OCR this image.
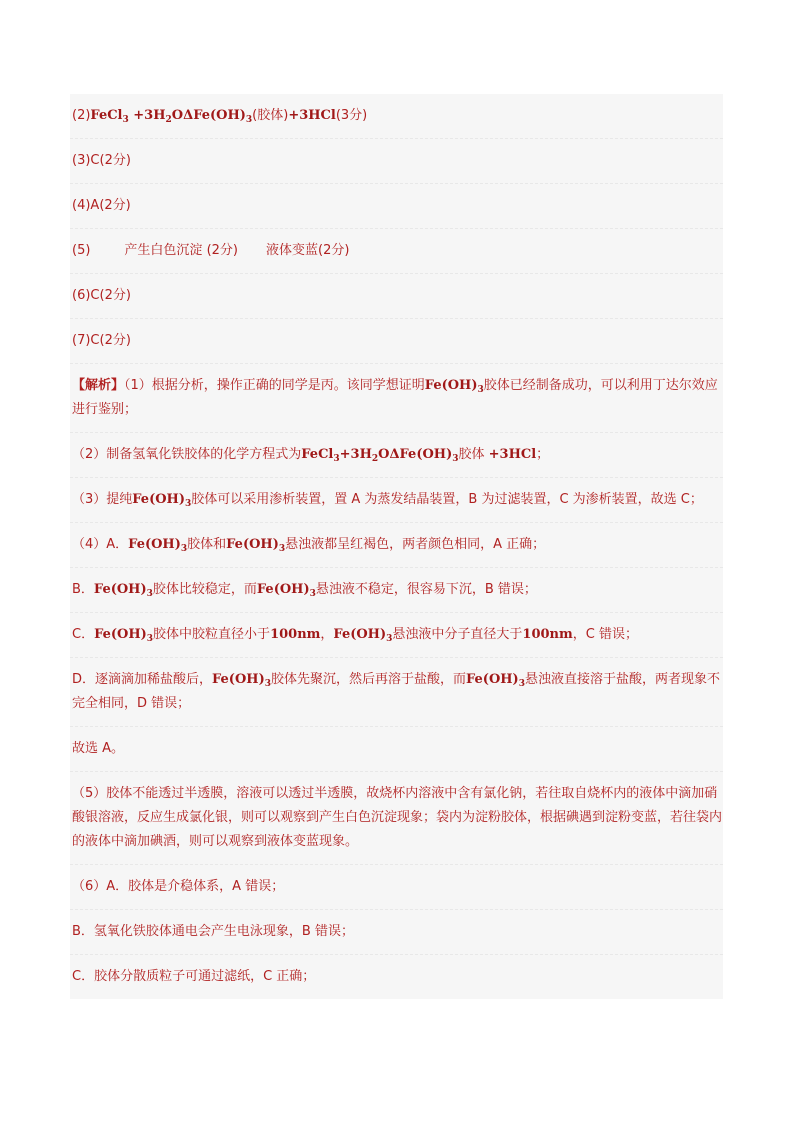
(2)FeCl$_3$ $+3H_2O\Delta Fe(OH)_3$(胶体)+3HCl(3分)
(3)C(2分)
(4)A(2分)
(5)	产生白色沉淀 (2分) 液体变蓝(2分)
(6)C(2分)
(7)C(2分)
【解析】（1）根据分析，操作正确的同学是丙。该同学想证明$Fe(OH)_3$胶体已经制备成功，可以利用丁达尔效应进行鉴别；
（2）制备氢氧化铁胶体的化学方程式为$FeCl_3+3H_2O\Delta Fe(OH)_3$胶体 +3HCl；
（3）提纯$Fe(OH)_3$胶体可以采用渗析装置，置 A 为蒸发结晶装置，B 为过滤装置，C 为渗析装置，故选 C；
（4）A．$Fe(OH)_3$胶体和$Fe(OH)_3$悬浊液都呈红褐色，两者颜色相同，A 正确；
B．$Fe(OH)_3$胶体比较稳定，而$Fe(OH)_3$悬浊液不稳定，很容易下沉，B 错误；
C．$Fe(OH)_3$胶体中胶粒直径小于100nm，$Fe(OH)_3$悬浊液中分子直径大于100nm，C 错误；
D．逐滴滴加稀盐酸后，$Fe(OH)_3$胶体先聚沉，然后再溶于盐酸，而$Fe(OH)_3$悬浊液直接溶于盐酸，两者现象不完全相同，D 错误；
故选 A。
（5）胶体不能透过半透膜，溶液可以透过半透膜，故烧杯内溶液中含有氯化钠，若往取自烧杯内的液体中滴加硝酸银溶液，反应生成氯化银，则可以观察到产生白色沉淀现象；袋内为淀粉胶体，根据碘遇到淀粉变蓝，若往袋内的液体中滴加碘酒，则可以观察到液体变蓝现象。
（6）A．胶体是介稳体系，A 错误；
B．氢氧化铁胶体通电会产生电泳现象，B 错误；
C．胶体分散质粒子可通过滤纸，C 正确；
